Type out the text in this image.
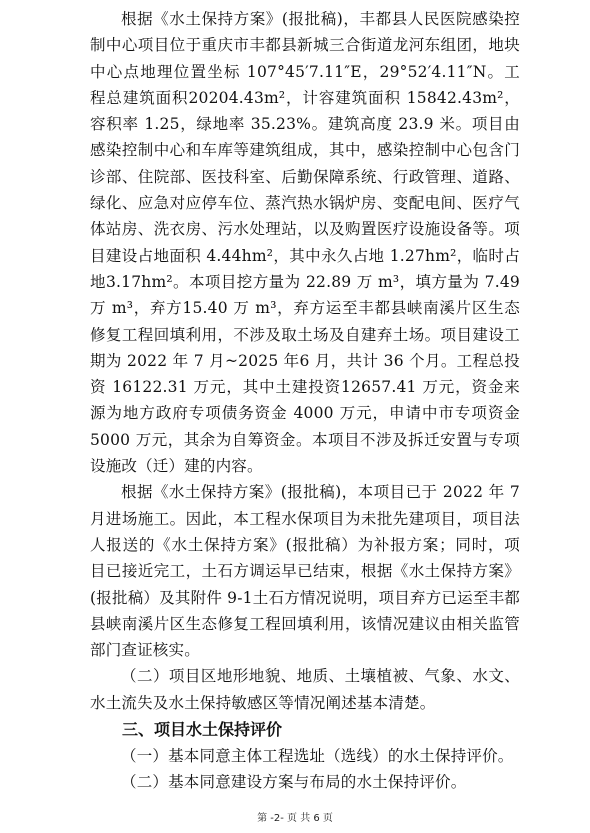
根据《水土保持方案》(报批稿)，丰都县人民医院感染控制中心项目位于重庆市丰都县新城三合街道龙河东组团，地块中心点地理位置坐标 107°45′7.11″E，29°52′4.11″N。工程总建筑面积20204.43m²，计容建筑面积 15842.43m²，容积率 1.25，绿地率 35.23%。建筑高度 23.9 米。项目由感染控制中心和车库等建筑组成，其中，感染控制中心包含门诊部、住院部、医技科室、后勤保障系统、行政管理、道路、绿化、应急对应停车位、蒸汽热水锅炉房、变配电间、医疗气体站房、洗衣房、污水处理站，以及购置医疗设施设备等。项目建设占地面积 4.44hm²，其中永久占地 1.27hm²，临时占地3.17hm²。本项目挖方量为 22.89 万 m³，填方量为 7.49 万 m³，弃方15.40 万 m³，弃方运至丰都县峡南溪片区生态修复工程回填利用，不涉及取土场及自建弃土场。项目建设工期为 2022 年 7 月~2025 年6 月，共计 36 个月。工程总投资 16122.31 万元，其中土建投资12657.41 万元，资金来源为地方政府专项债务资金 4000 万元，申请中市专项资金 5000 万元，其余为自筹资金。本项目不涉及拆迁安置与专项设施改（迁）建的内容。

根据《水土保持方案》(报批稿)，本项目已于 2022 年 7 月进场施工。因此，本工程水保项目为未批先建项目，项目法人报送的《水土保持方案》(报批稿）为补报方案；同时，项目已接近完工，土石方调运早已结束，根据《水土保持方案》(报批稿）及其附件 9-1土石方情况说明，项目弃方已运至丰都县峡南溪片区生态修复工程回填利用，该情况建议由相关监管部门查证核实。

（二）项目区地形地貌、地质、土壤植被、气象、水文、水土流失及水土保持敏感区等情况阐述基本清楚。

三、项目水土保持评价

（一）基本同意主体工程选址（选线）的水土保持评价。

（二）基本同意建设方案与布局的水土保持评价。

第 -2- 页 共 6 页
